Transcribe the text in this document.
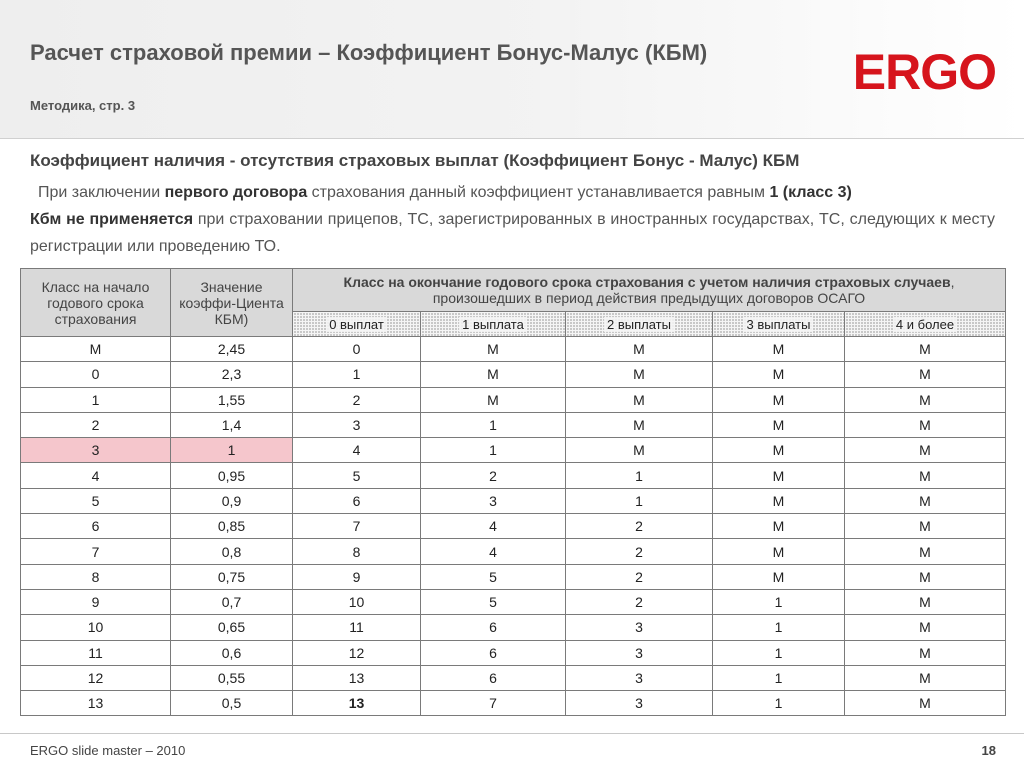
Расчет страховой премии – Коэффициент Бонус-Малус (КБМ)
Методика, стр. 3
ERGO

Коэффициент наличия - отсутствия страховых выплат (Коэффициент Бонус - Малус) КБМ

При заключении первого договора страхования данный коэффициент устанавливается равным 1 (класс 3)

Кбм не применяется при страховании прицепов, ТС, зарегистрированных в иностранных государствах, ТС, следующих к месту регистрации или проведению ТО.

Класс на начало годового срока страхования	Значение коэффи-Циента КБМ)	Класс на окончание годового срока страхования с учетом наличия страховых случаев, произошедших в период действия предыдущих договоров ОСАГО				
		0 выплат	1 выплата	2 выплаты	3 выплаты	4 и более
М	2,45	0	М	М	М	М
0	2,3	1	М	М	М	М
1	1,55	2	М	М	М	М
2	1,4	3	1	М	М	М
3	1	4	1	М	М	М
4	0,95	5	2	1	М	М
5	0,9	6	3	1	М	М
6	0,85	7	4	2	М	М
7	0,8	8	4	2	М	М
8	0,75	9	5	2	М	М
9	0,7	10	5	2	1	М
10	0,65	11	6	3	1	М
11	0,6	12	6	3	1	М
12	0,55	13	6	3	1	М
13	0,5	13	7	3	1	М
ERGO slide master – 2010	18
